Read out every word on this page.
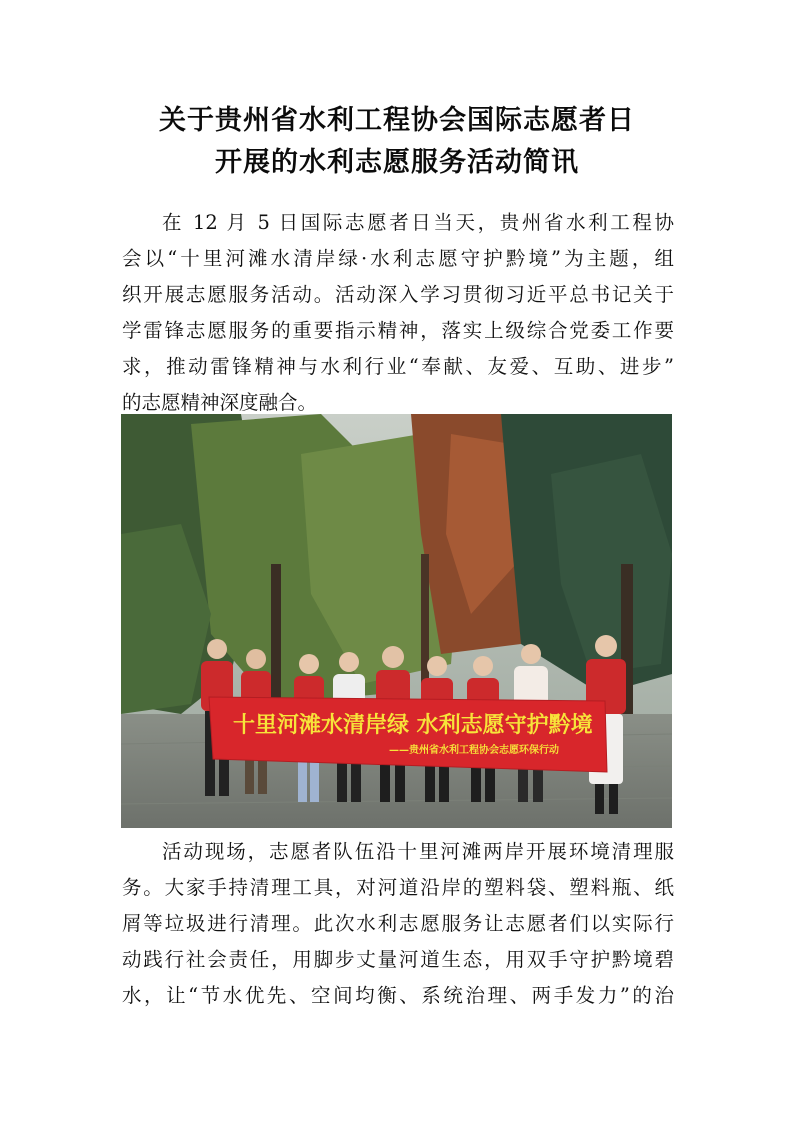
关于贵州省水利工程协会国际志愿者日
开展的水利志愿服务活动简讯
在 12 月 5 日国际志愿者日当天，贵州省水利工程协
会以“十里河滩水清岸绿·水利志愿守护黔境”为主题，组
织开展志愿服务活动。活动深入学习贯彻习近平总书记关于
学雷锋志愿服务的重要指示精神，落实上级综合党委工作要
求，推动雷锋精神与水利行业“奉献、友爱、互助、进步”
的志愿精神深度融合。
十里河滩水清岸绿 水利志愿守护黔境
——贵州省水利工程协会志愿环保行动
活动现场，志愿者队伍沿十里河滩两岸开展环境清理服
务。大家手持清理工具，对河道沿岸的塑料袋、塑料瓶、纸
屑等垃圾进行清理。此次水利志愿服务让志愿者们以实际行
动践行社会责任，用脚步丈量河道生态，用双手守护黔境碧
水，让“节水优先、空间均衡、系统治理、两手发力”的治
